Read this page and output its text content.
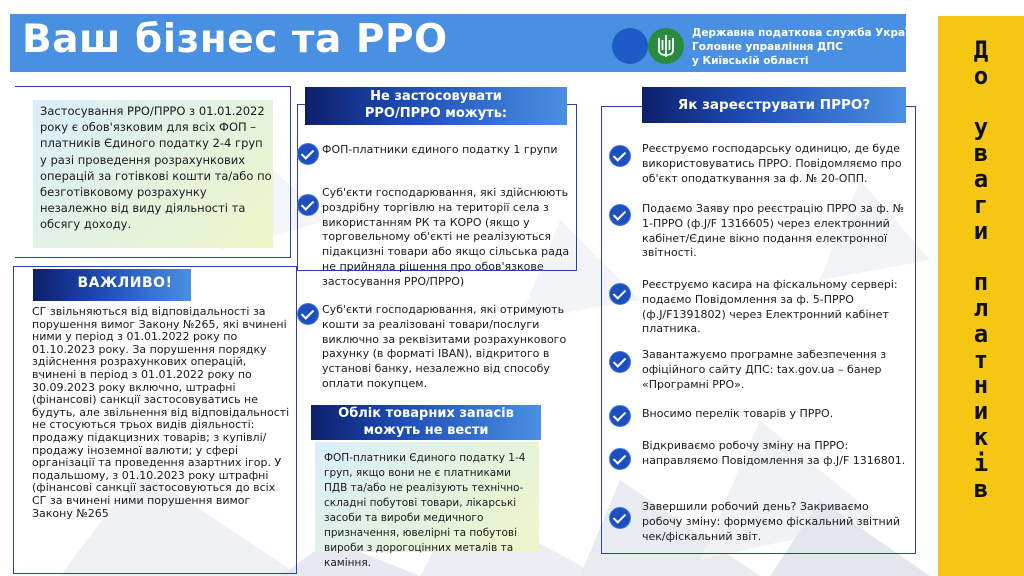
Ваш бізнес та РРО	Державна податкова служба України
Головне управління ДПС
у Київській області	Д
о

у
в
а
г
и

п
л
а
т
н
и
к
і
в
Застосування РРО/ПРРО з 01.01.2022 року є обов'язковим для всіх ФОП – платників Єдиного податку 2-4 груп у разі проведення розрахункових операцій за готівкові кошти та/або по безготівковому розрахунку незалежно від виду діяльності та обсягу доходу.
ВАЖЛИВО!
СГ звільняються від відповідальності за порушення вимог Закону №265, які вчинені ними у період з 01.01.2022 року по 01.10.2023 року. За порушення порядку здійснення розрахункових операцій, вчинені в період з 01.01.2022 року по 30.09.2023 року включно, штрафні (фінансові) санкції застосовуватись не будуть, але звільнення від відповідальності не стосуються трьох видів діяльності: продажу підакцизних товарів; з купівлі/продажу іноземної валюти; у сфері організації та проведення азартних ігор. У подальшому, з 01.10.2023 року штрафні (фінансові санкції застосовуються до всіх СГ за вчинені ними порушення вимог Закону №265
Не застосовувати
РРО/ПРРО можуть:
ФОП-платники єдиного податку 1 групи
Суб'єкти господарювання, які здійснюють роздрібну торгівлю на території села з використанням РК та КОРО (якщо у торговельному об'єкті не реалізуються підакцизні товари або якщо сільська рада не прийняла рішення про обов'язкове застосування РРО/ПРРО)
Суб'єкти господарювання, які отримують кошти за реалізовані товари/послуги виключно за реквізитами розрахункового рахунку (в форматі IBAN), відкритого в установі банку, незалежно від способу оплати покупцем.
Облік товарних запасів
можуть не вести
ФОП-платники Єдиного податку 1-4 груп, якщо вони не є платниками ПДВ та/або не реалізують технічно-складні побутові товари, лікарські засоби та вироби медичного призначення, ювелірні та побутові вироби з дорогоцінних металів та каміння.
Як зареєструвати ПРРО?
Реєструємо господарську одиницю, де буде використовуватись ПРРО. Повідомляємо про об'єкт оподаткування за ф. № 20-ОПП.
Подаємо Заяву про реєстрацію ПРРО за ф. № 1-ПРРО (ф.J/F 1316605) через електронний кабінет/Єдине вікно подання електронної звітності.
Реєструємо касира на фіскальному сервері: подаємо Повідомлення за ф. 5-ПРРО (ф.J/F1391802) через Електронний кабінет платника.
Завантажуємо програмне забезпечення з офіційного сайту ДПС: tax.gov.ua – банер «Програмні РРО».
Вносимо перелік товарів у ПРРО.
Відкриваємо робочу зміну на ПРРО: направляємо Повідомлення за ф.J/F 1316801.
Завершили робочий день? Закриваємо робочу зміну: формуємо фіскальний звітний чек/фіскальний звіт.
